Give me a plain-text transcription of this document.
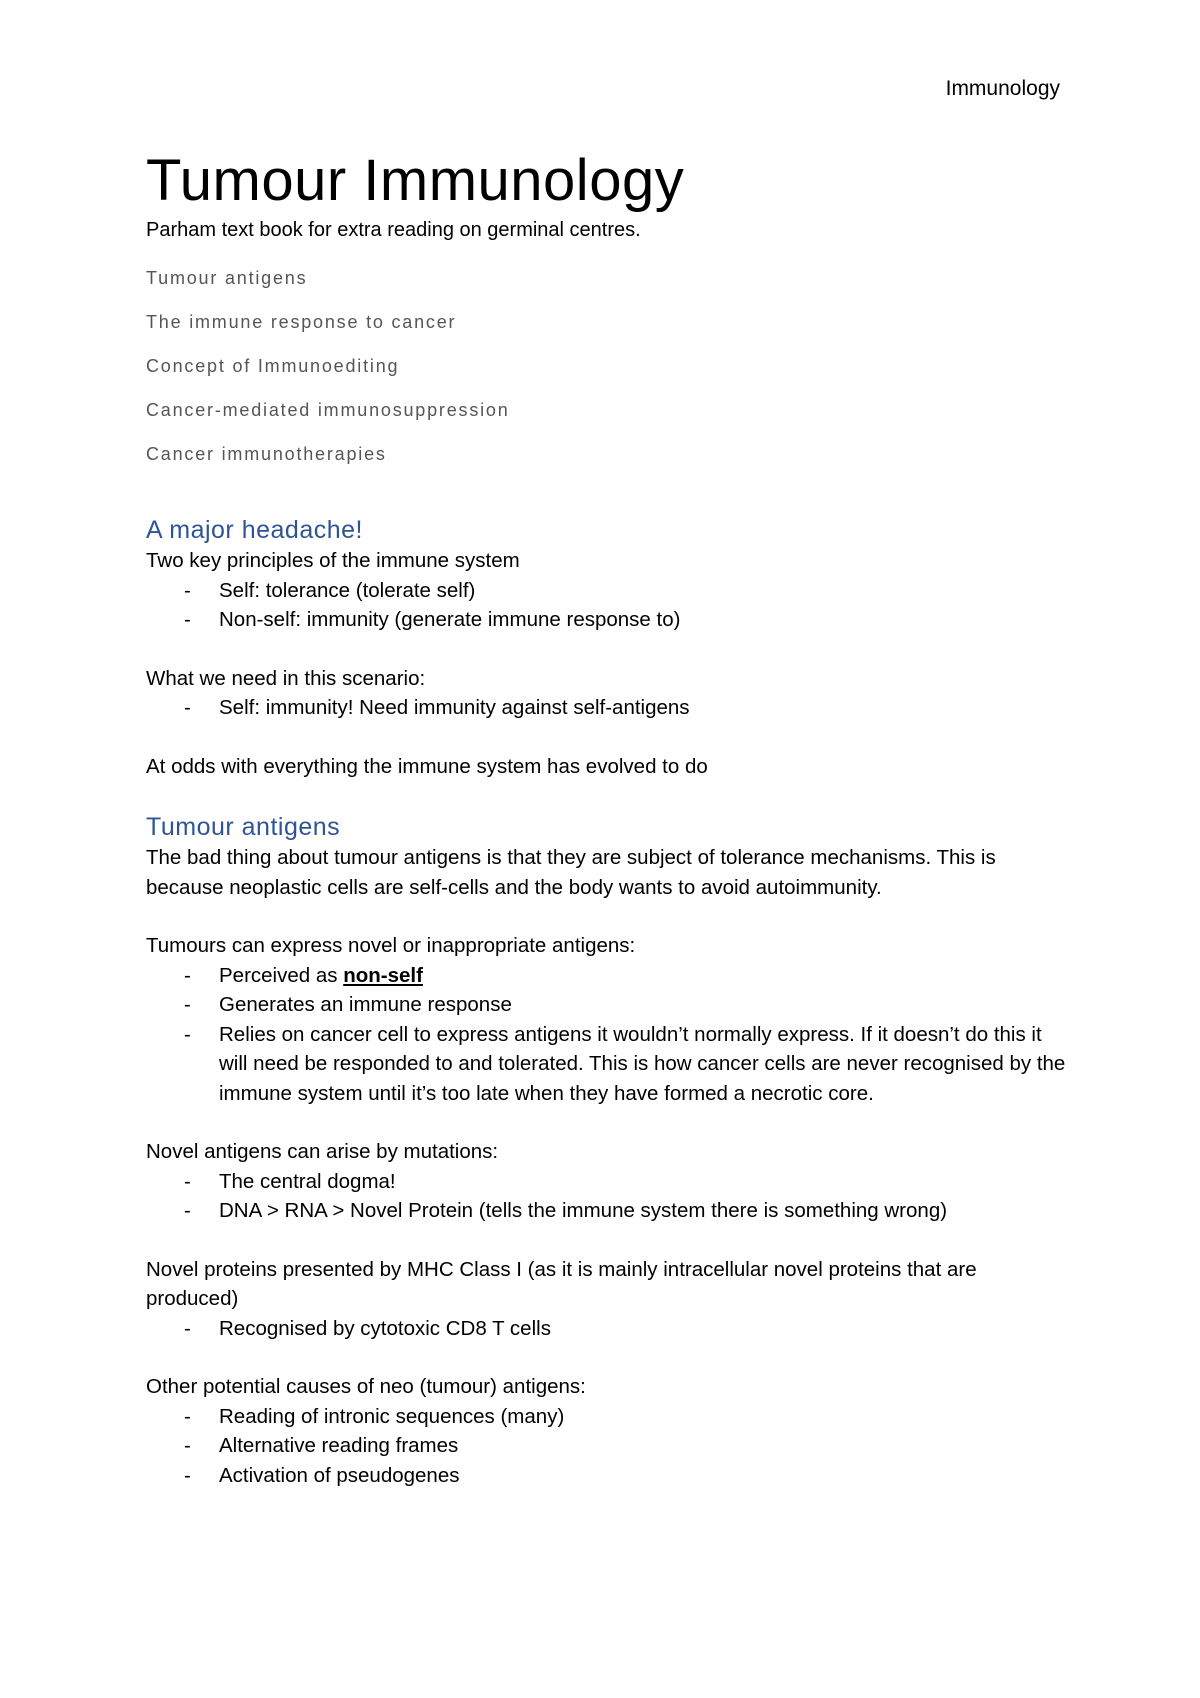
Immunology
Tumour Immunology
Parham text book for extra reading on germinal centres.
Tumour antigens
The immune response to cancer
Concept of Immunoediting
Cancer-mediated immunosuppression
Cancer immunotherapies
A major headache!

Two key principles of the immune system

- Self: tolerance (tolerate self)
- Non-self: immunity (generate immune response to)

What we need in this scenario:

- Self: immunity! Need immunity against self-antigens

At odds with everything the immune system has evolved to do

Tumour antigens

The bad thing about tumour antigens is that they are subject of tolerance mechanisms. This is because neoplastic cells are self-cells and the body wants to avoid autoimmunity.

Tumours can express novel or inappropriate antigens:

- Perceived as non-self
- Generates an immune response
- Relies on cancer cell to express antigens it wouldn’t normally express. If it doesn’t do this it will need be responded to and tolerated. This is how cancer cells are never recognised by the immune system until it’s too late when they have formed a necrotic core.

Novel antigens can arise by mutations:

- The central dogma!
- DNA > RNA > Novel Protein (tells the immune system there is something wrong)

Novel proteins presented by MHC Class I (as it is mainly intracellular novel proteins that are produced)

- Recognised by cytotoxic CD8 T cells

Other potential causes of neo (tumour) antigens:

- Reading of intronic sequences (many)
- Alternative reading frames
- Activation of pseudogenes
